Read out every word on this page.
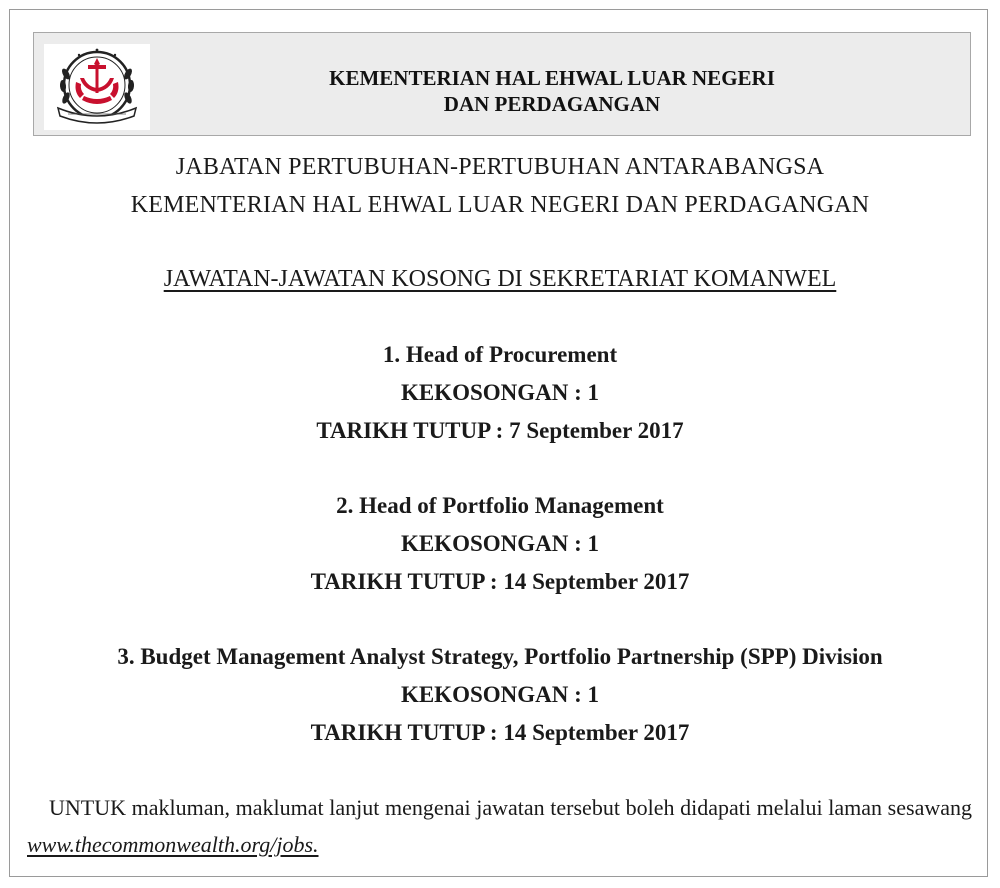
KEMENTERIAN HAL EHWAL LUAR NEGERI
DAN PERDAGANGAN
JABATAN PERTUBUHAN-PERTUBUHAN ANTARABANGSA
KEMENTERIAN HAL EHWAL LUAR NEGERI DAN PERDAGANGAN
JAWATAN-JAWATAN KOSONG DI SEKRETARIAT KOMANWEL
1. Head of Procurement
KEKOSONGAN : 1
TARIKH TUTUP : 7 September 2017
2. Head of Portfolio Management
KEKOSONGAN : 1
TARIKH TUTUP : 14 September 2017
3. Budget Management Analyst Strategy, Portfolio Partnership (SPP) Division
KEKOSONGAN : 1
TARIKH TUTUP : 14 September 2017
UNTUK makluman, maklumat lanjut mengenai jawatan tersebut boleh didapati melalui laman sesawang www.thecommonwealth.org/jobs.
